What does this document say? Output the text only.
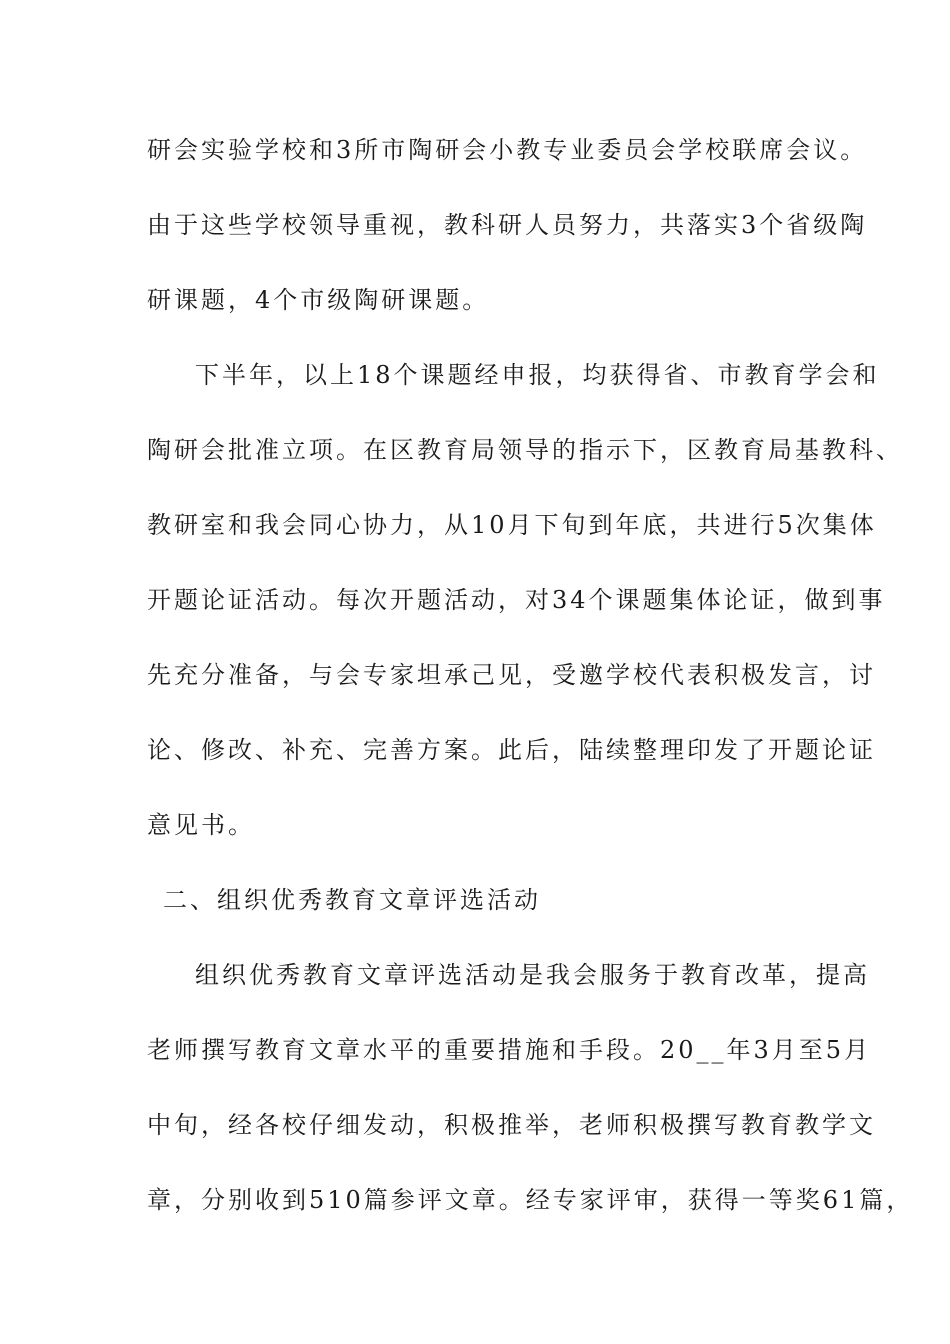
研会实验学校和3所市陶研会小教专业委员会学校联席会议。
由于这些学校领导重视，教科研人员努力，共落实3个省级陶
研课题，4个市级陶研课题。
下半年，以上18个课题经申报，均获得省、市教育学会和
陶研会批准立项。在区教育局领导的指示下，区教育局基教科、
教研室和我会同心协力，从10月下旬到年底，共进行5次集体
开题论证活动。每次开题活动，对34个课题集体论证，做到事
先充分准备，与会专家坦承己见，受邀学校代表积极发言，讨
论、修改、补充、完善方案。此后，陆续整理印发了开题论证
意见书。
二、组织优秀教育文章评选活动
组织优秀教育文章评选活动是我会服务于教育改革，提高
老师撰写教育文章水平的重要措施和手段。20__年3月至5月
中旬，经各校仔细发动，积极推举，老师积极撰写教育教学文
章，分别收到510篇参评文章。经专家评审，获得一等奖61篇，
